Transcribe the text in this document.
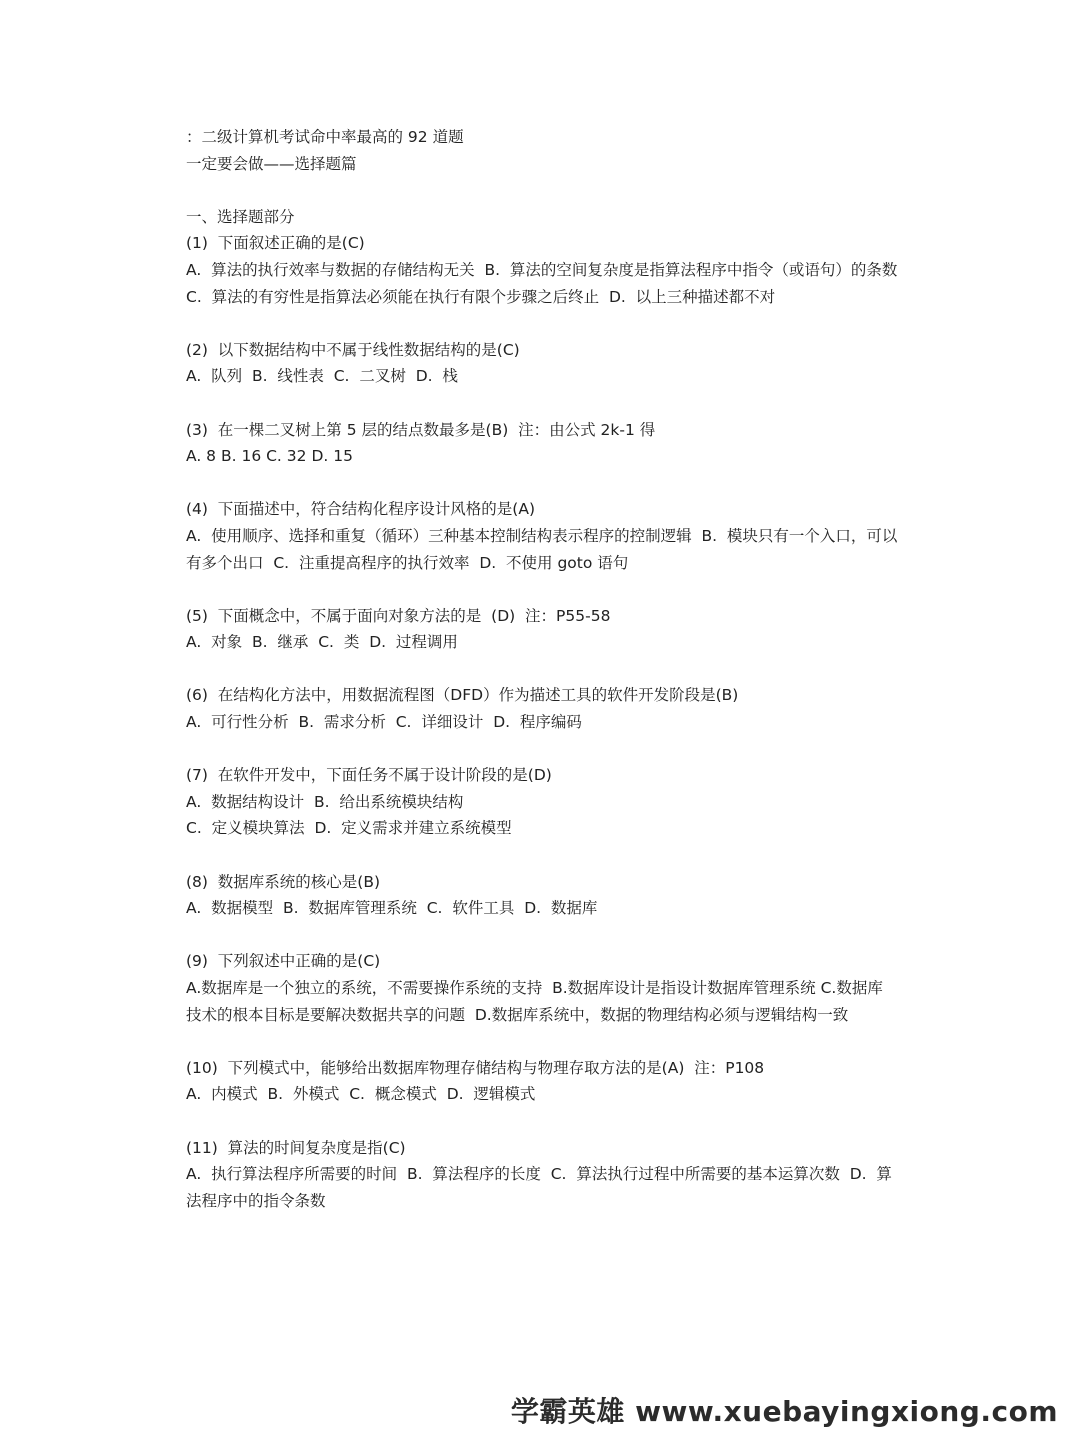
：二级计算机考试命中率最高的 92 道题
一定要会做——选择题篇
一、选择题部分
(1)  下面叙述正确的是(C)
A.  算法的执行效率与数据的存储结构无关  B.  算法的空间复杂度是指算法程序中指令（或语句）的条数  C.  算法的有穷性是指算法必须能在执行有限个步骤之后终止  D.  以上三种描述都不对
(2)  以下数据结构中不属于线性数据结构的是(C)
A.  队列  B.  线性表  C.  二叉树  D.  栈
(3)  在一棵二叉树上第 5 层的结点数最多是(B)  注：由公式 2k-1 得
A. 8 B. 16 C. 32 D. 15
(4)  下面描述中，符合结构化程序设计风格的是(A)
A.  使用顺序、选择和重复（循环）三种基本控制结构表示程序的控制逻辑  B.  模块只有一个入口，可以有多个出口  C.  注重提高程序的执行效率  D.  不使用 goto 语句
(5)  下面概念中，不属于面向对象方法的是  (D)  注：P55-58
A.  对象  B.  继承  C.  类  D.  过程调用
(6)  在结构化方法中，用数据流程图（DFD）作为描述工具的软件开发阶段是(B)
A.  可行性分析  B.  需求分析  C.  详细设计  D.  程序编码
(7)  在软件开发中，下面任务不属于设计阶段的是(D)
A.  数据结构设计  B.  给出系统模块结构
C.  定义模块算法  D.  定义需求并建立系统模型
(8)  数据库系统的核心是(B)
A.  数据模型  B.  数据库管理系统  C.  软件工具  D.  数据库
(9)  下列叙述中正确的是(C)
A.数据库是一个独立的系统，不需要操作系统的支持  B.数据库设计是指设计数据库管理系统 C.数据库技术的根本目标是要解决数据共享的问题  D.数据库系统中，数据的物理结构必须与逻辑结构一致
(10)  下列模式中，能够给出数据库物理存储结构与物理存取方法的是(A)  注：P108
A.  内模式  B.  外模式  C.  概念模式  D.  逻辑模式
(11)  算法的时间复杂度是指(C)
A.  执行算法程序所需要的时间  B.  算法程序的长度  C.  算法执行过程中所需要的基本运算次数  D.  算法程序中的指令条数
学霸英雄 www.xuebayingxiong.com
